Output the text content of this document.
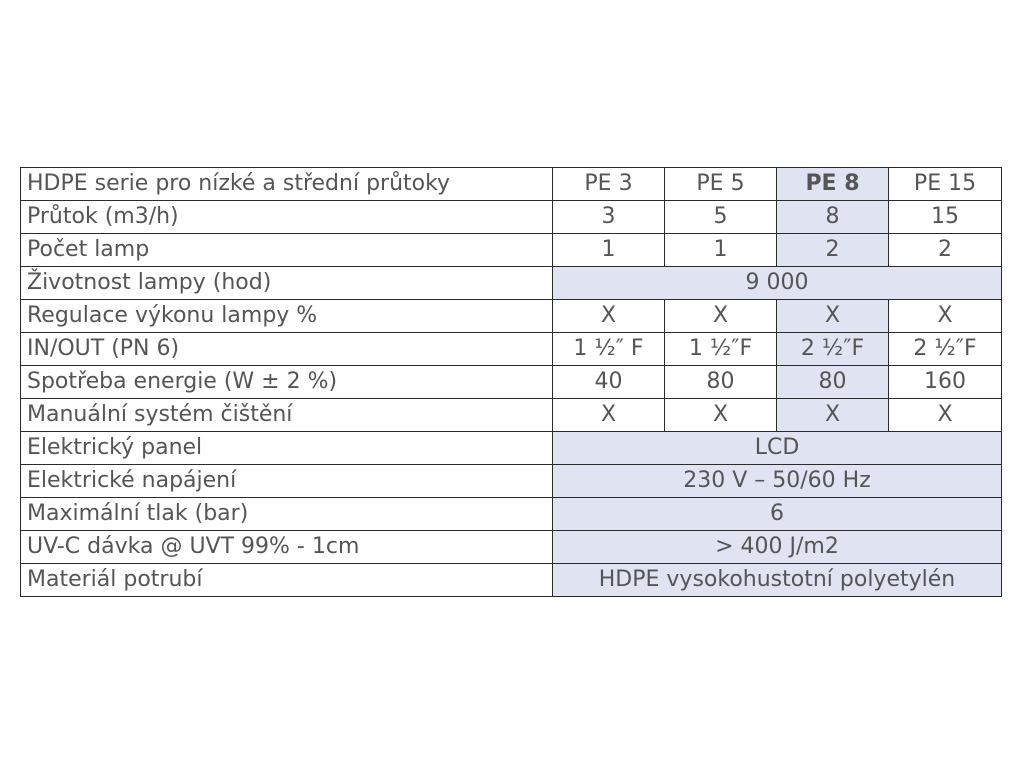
HDPE serie pro nízké a střední průtoky	PE 3	PE 5	PE 8	PE 15
Průtok (m3/h)	3	5	8	15
Počet lamp	1	1	2	2
Životnost lampy (hod)	9 000			
Regulace výkonu lampy %	X	X	X	X
IN/OUT (PN 6)	1 ½″ F	1 ½″F	2 ½″F	2 ½″F
Spotřeba energie (W ± 2 %)	40	80	80	160
Manuální systém čištění	X	X	X	X
Elektrický panel	LCD			
Elektrické napájení	230 V – 50/60 Hz			
Maximální tlak (bar)	6			
UV-C dávka @ UVT 99% - 1cm	> 400 J/m2			
Materiál potrubí	HDPE vysokohustotní polyetylén			
